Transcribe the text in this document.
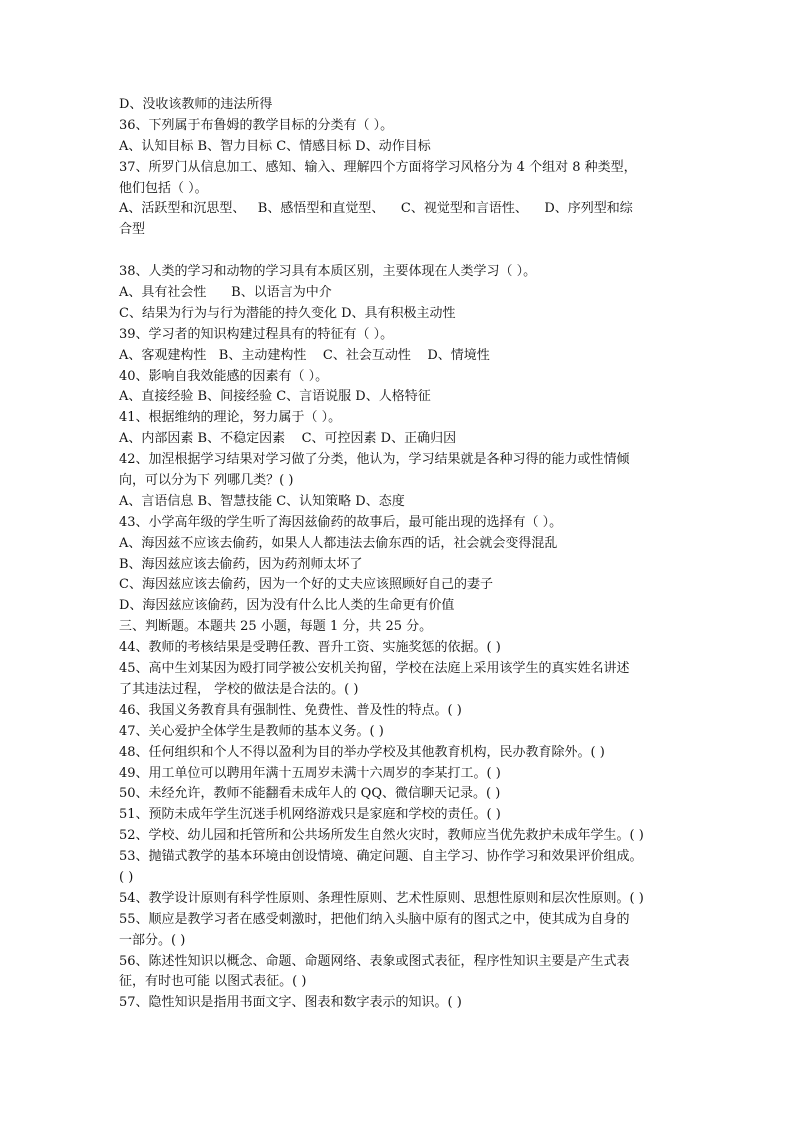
D、没收该教师的违法所得
36、下列属于布鲁姆的教学目标的分类有（ ）。
A、认知目标 B、智力目标 C、情感目标 D、动作目标
37、所罗门从信息加工、感知、输入、理解四个方面将学习风格分为 4 个组对 8 种类型，
他们包括（ ）。
A、活跃型和沉思型、   B、感悟型和直觉型、    C、视觉型和言语性、    D、序列型和综
合型
38、人类的学习和动物的学习具有本质区别，主要体现在人类学习（ ）。
A、具有社会性      B、以语言为中介
C、结果为行为与行为潜能的持久变化 D、具有积极主动性
39、学习者的知识构建过程具有的特征有（ ）。
A、客观建构性   B、主动建构性    C、社会互动性    D、情境性
40、影响自我效能感的因素有（ ）。
A、直接经验 B、间接经验 C、言语说服 D、人格特征
41、根据维纳的理论，努力属于（ ）。
A、内部因素 B、不稳定因素    C、可控因素 D、正确归因
42、加涅根据学习结果对学习做了分类，他认为，学习结果就是各种习得的能力或性情倾
向，可以分为下 列哪几类？( )
A、言语信息 B、智慧技能 C、认知策略 D、态度
43、小学高年级的学生听了海因兹偷药的故事后，最可能出现的选择有（ ）。
A、海因兹不应该去偷药，如果人人都违法去偷东西的话，社会就会变得混乱
B、海因兹应该去偷药，因为药剂师太坏了
C、海因兹应该去偷药，因为一个好的丈夫应该照顾好自己的妻子
D、海因兹应该偷药，因为没有什么比人类的生命更有价值
三、判断题。本题共 25 小题，每题 1 分，共 25 分。
44、教师的考核结果是受聘任教、晋升工资、实施奖惩的依据。( )
45、高中生刘某因为殴打同学被公安机关拘留，学校在法庭上采用该学生的真实姓名讲述
了其违法过程， 学校的做法是合法的。( )
46、我国义务教育具有强制性、免费性、普及性的特点。( )
47、关心爱护全体学生是教师的基本义务。( )
48、任何组织和个人不得以盈利为目的举办学校及其他教育机构，民办教育除外。( )
49、用工单位可以聘用年满十五周岁未满十六周岁的李某打工。( )
50、未经允许，教师不能翻看未成年人的 QQ、微信聊天记录。( )
51、预防未成年学生沉迷手机网络游戏只是家庭和学校的责任。( )
52、学校、幼儿园和托管所和公共场所发生自然火灾时，教师应当优先救护未成年学生。( )
53、抛锚式教学的基本环境由创设情境、确定问题、自主学习、协作学习和效果评价组成。
( )
54、教学设计原则有科学性原则、条理性原则、艺术性原则、思想性原则和层次性原则。( )
55、顺应是教学习者在感受刺激时，把他们纳入头脑中原有的图式之中，使其成为自身的
一部分。( )
56、陈述性知识以概念、命题、命题网络、表象或图式表征，程序性知识主要是产生式表
征，有时也可能 以图式表征。( )
57、隐性知识是指用书面文字、图表和数字表示的知识。( )
